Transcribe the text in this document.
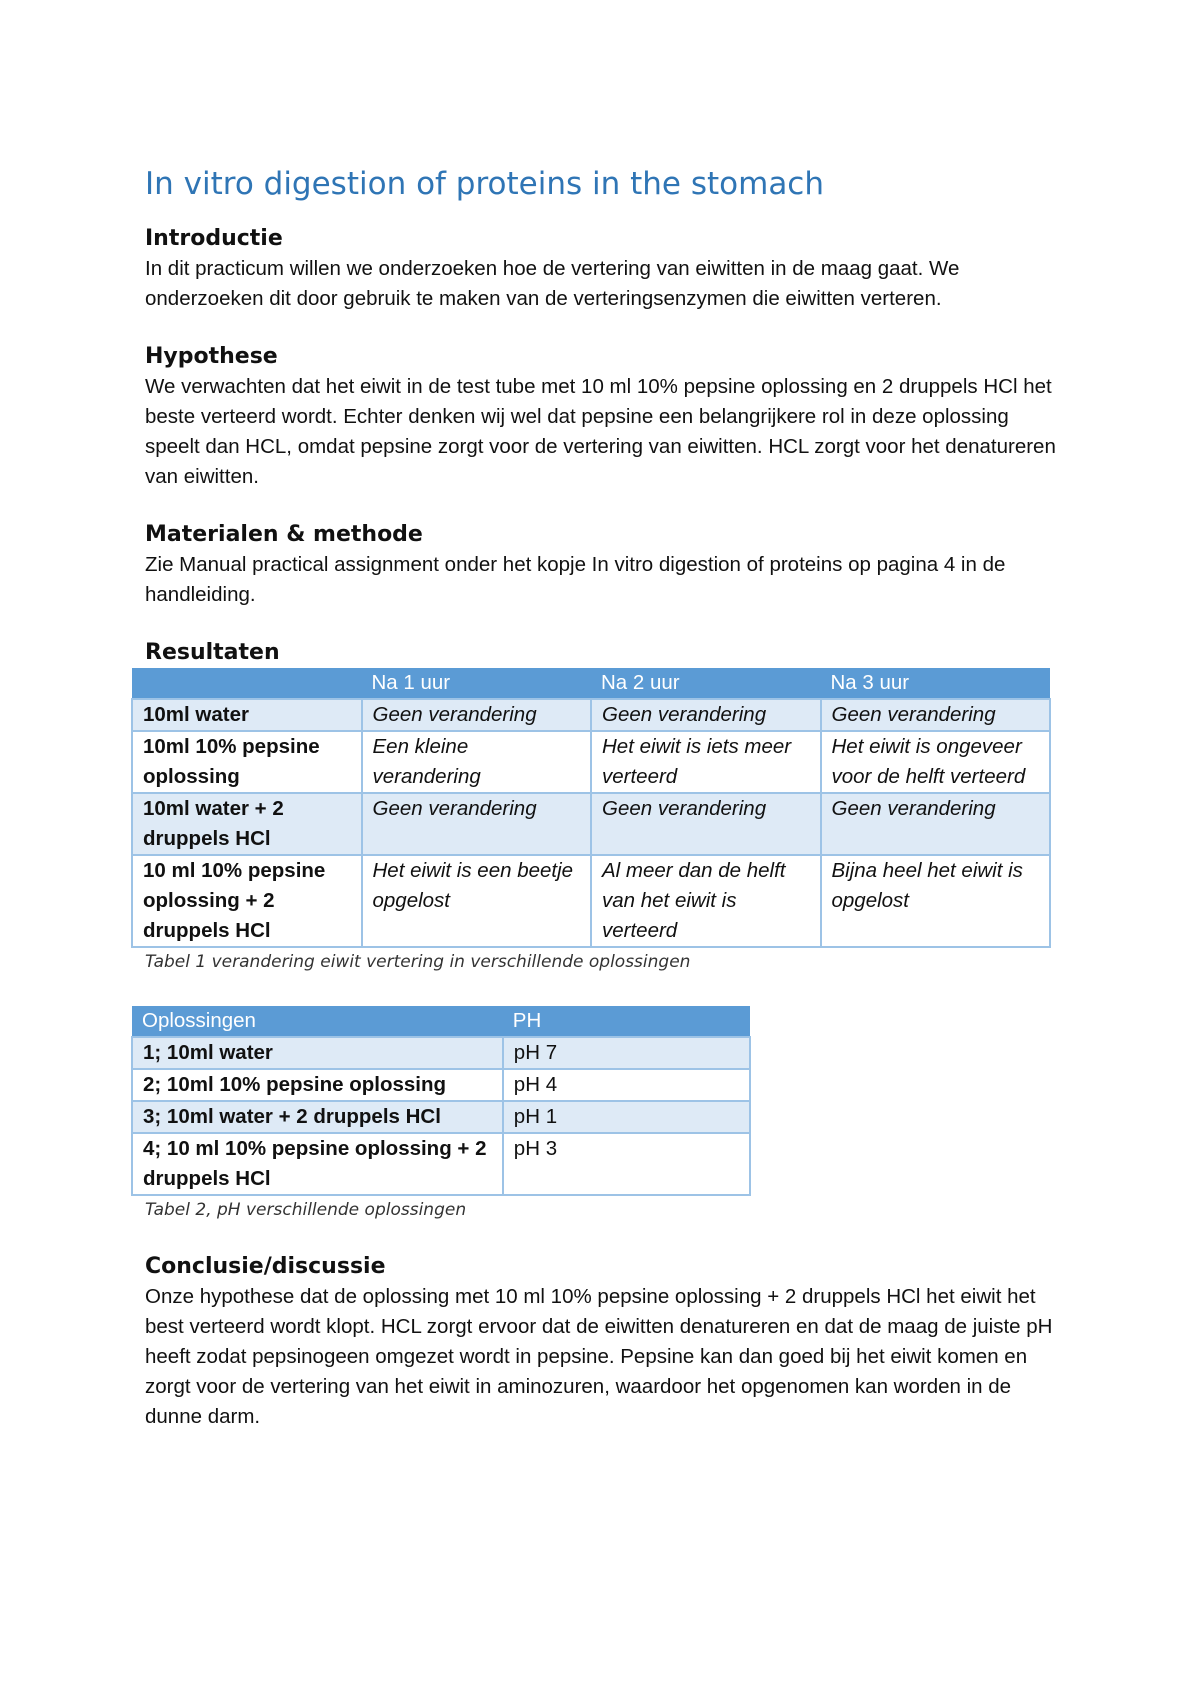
In vitro digestion of proteins in the stomach
Introductie

In dit practicum willen we onderzoeken hoe de vertering van eiwitten in de maag gaat. We onderzoeken dit door gebruik te maken van de verteringsenzymen die eiwitten verteren.

Hypothese

We verwachten dat het eiwit in de test tube met 10 ml 10% pepsine oplossing en 2 druppels HCl het beste verteerd wordt. Echter denken wij wel dat pepsine een belangrijkere rol in deze oplossing speelt dan HCL, omdat pepsine zorgt voor de vertering van eiwitten. HCL zorgt voor het denatureren van eiwitten.

Materialen & methode

Zie Manual practical assignment onder het kopje In vitro digestion of proteins op pagina 4 in de handleiding.

Resultaten
	Na 1 uur	Na 2 uur	Na 3 uur
10ml water	Geen verandering	Geen verandering	Geen verandering
10ml 10% pepsine oplossing	Een kleine verandering	Het eiwit is iets meer verteerd	Het eiwit is ongeveer voor de helft verteerd
10ml water + 2 druppels HCl	Geen verandering	Geen verandering	Geen verandering
10 ml 10% pepsine oplossing + 2 druppels HCl	Het eiwit is een beetje opgelost	Al meer dan de helft van het eiwit is verteerd	Bijna heel het eiwit is opgelost
Tabel 1 verandering eiwit vertering in verschillende oplossingen
Oplossingen	PH
1; 10ml water	pH 7
2; 10ml 10% pepsine oplossing	pH 4
3; 10ml water + 2 druppels HCl	pH 1
4; 10 ml 10% pepsine oplossing + 2 druppels HCl	pH 3
Tabel 2, pH verschillende oplossingen
Conclusie/discussie

Onze hypothese dat de oplossing met 10 ml 10% pepsine oplossing + 2 druppels HCl het eiwit het best verteerd wordt klopt. HCL zorgt ervoor dat de eiwitten denatureren en dat de maag de juiste pH heeft zodat pepsinogeen omgezet wordt in pepsine. Pepsine kan dan goed bij het eiwit komen en zorgt voor de vertering van het eiwit in aminozuren, waardoor het opgenomen kan worden in de dunne darm.
